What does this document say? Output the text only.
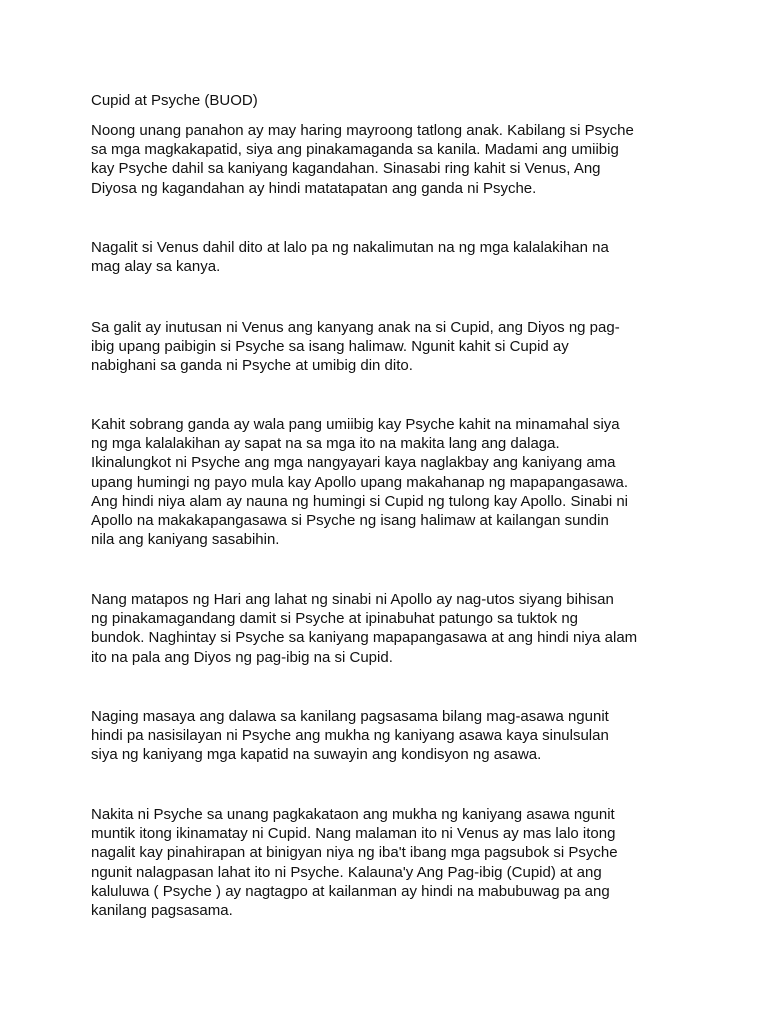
Cupid at Psyche (BUOD)

Noong unang panahon ay may haring mayroong tatlong anak. Kabilang si Psyche
sa mga magkakapatid, siya ang pinakamaganda sa kanila. Madami ang umiibig
kay Psyche dahil sa kaniyang kagandahan. Sinasabi ring kahit si Venus, Ang
Diyosa ng kagandahan ay hindi matatapatan ang ganda ni Psyche.

Nagalit si Venus dahil dito at lalo pa ng nakalimutan na ng mga kalalakihan na
mag alay sa kanya.

Sa galit ay inutusan ni Venus ang kanyang anak na si Cupid, ang Diyos ng pag-
ibig upang paibigin si Psyche sa isang halimaw. Ngunit kahit si Cupid ay
nabighani sa ganda ni Psyche at umibig din dito.

Kahit sobrang ganda ay wala pang umiibig kay Psyche kahit na minamahal siya
ng mga kalalakihan ay sapat na sa mga ito na makita lang ang dalaga.
Ikinalungkot ni Psyche ang mga nangyayari kaya naglakbay ang kaniyang ama
upang humingi ng payo mula kay Apollo upang makahanap ng mapapangasawa.
Ang hindi niya alam ay nauna ng humingi si Cupid ng tulong kay Apollo. Sinabi ni
Apollo na makakapangasawa si Psyche ng isang halimaw at kailangan sundin
nila ang kaniyang sasabihin.

Nang matapos ng Hari ang lahat ng sinabi ni Apollo ay nag-utos siyang bihisan
ng pinakamagandang damit si Psyche at ipinabuhat patungo sa tuktok ng
bundok. Naghintay si Psyche sa kaniyang mapapangasawa at ang hindi niya alam
ito na pala ang Diyos ng pag-ibig na si Cupid.

Naging masaya ang dalawa sa kanilang pagsasama bilang mag-asawa ngunit
hindi pa nasisilayan ni Psyche ang mukha ng kaniyang asawa kaya sinulsulan
siya ng kaniyang mga kapatid na suwayin ang kondisyon ng asawa.

Nakita ni Psyche sa unang pagkakataon ang mukha ng kaniyang asawa ngunit
muntik itong ikinamatay ni Cupid. Nang malaman ito ni Venus ay mas lalo itong
nagalit kay pinahirapan at binigyan niya ng iba't ibang mga pagsubok si Psyche
ngunit nalagpasan lahat ito ni Psyche. Kalauna'y Ang Pag-ibig (Cupid) at ang
kaluluwa ( Psyche ) ay nagtagpo at kailanman ay hindi na mabubuwag pa ang
kanilang pagsasama.
